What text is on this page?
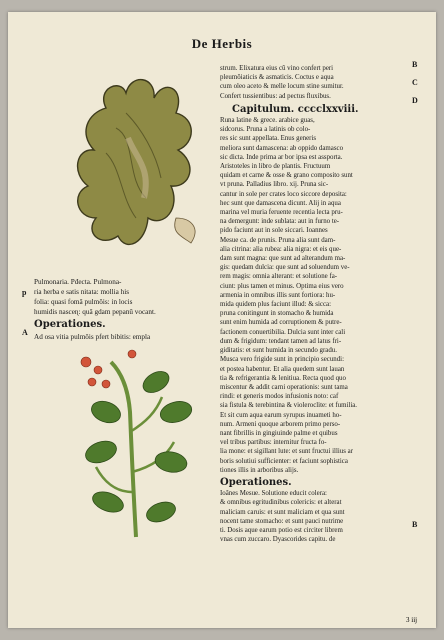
De Herbis
Pulmonaria. Pđecta. Pulmona-
ria herba e satis nitata: mollia his
folia: quasi fomã pulmõis: in locis
humidis nasceɳ: quã gdam pepanũ vocant.
Operationes.
Ad osa vitia pulmõis pfert bibitis: empla
strum. Elixatura eius cũ vino confert peri
pleumõiaticis & asmaticis. Coctus e aqua
cum oleo aceto & melle locum stine sumitur.
Confert tussientibus: ad pectus fluxibus.
Capitulum. cccclxxviii.
Runa latine & grece. arabice guas,
sidcorus. Pruna a latinis ob colo-
res sic sunt appellata. Enus generis
meliora sunt damascena: ab oppido damasco
sic dicta. Inde prima ar bor ipsa est assporta.
Aristoteles in libro de plantis. Fructuum
quidam et carne & osse & grano composito sunt
vt pruna. Palladius libro. xij. Pruna sic-
cantur in sole per crates loco siccore deposita:
hec sunt que damascena dicunt. Alij in aqua
marina vel muria feruente recentia lecta pru-
na demergunt: inde sublata: aut in furno te-
pido faciunt aut in sole siccari. Ioannes
Mesue ca. de prunis. Pruna alia sunt dam-
alia citrina: alia rubea: alia nigra: et eis que-
dam sunt magna: que sunt ad alterandum ma-
gis: quedam dulcia: que sunt ad soluendum ve-
rem magis: omnia alterant: et solutione fa-
ciunt: plus tamen et minus. Optima eius vero
armenia in omnibus illis sunt fortiora: hu-
mida quidem plus faciunt illud: & sicca:
pruna conitingunt in stomacho & humida
sunt enim humida ad corruptionem & putre-
factionem conuertibilia. Dulcia sunt inter cali
dum & frigidum: tendant tamen ad latus fri-
giditatis: et sunt humida in secundo gradu.
Musca vero frigide sunt in principio secundi:
et postea habentur. Et alia quedem sunt lauan
tia & refrigerantia & lenitiua. Recta quod quo
miscentur & addit carni operationis: sunt tama
rindi: et generis modos infusionis noto: caf
sia fistula & terebintina & violeroclite: et fumilia.
Et sit cum aqua earum syrupus inuameti ho-
num. Armeni quoque arborem primo perso-
nant fibrillis in gingiuinde palme et quibus
vel tribus partibus: internitur fructa fo-
lia mone: et sigillant lute: et sunt fructui illius ar
boris solutiui sufficienter: et faciunt sophistica
tiones illis in arboribus alijs.
Operationes.
Ioãnes Mesue. Solutione educit colera:
& omnibus egritudinibus colericis: et alterat
maliciam caruis: et sunt maliciam et qua sunt
nocent tame stomacho: et sunt pauci nutrime
ti. Dosis aque earum potio est circiter librem
vnas cum zuccaro. Dyascorides capitu. de
B
C
D
p
A
B
3 iij
